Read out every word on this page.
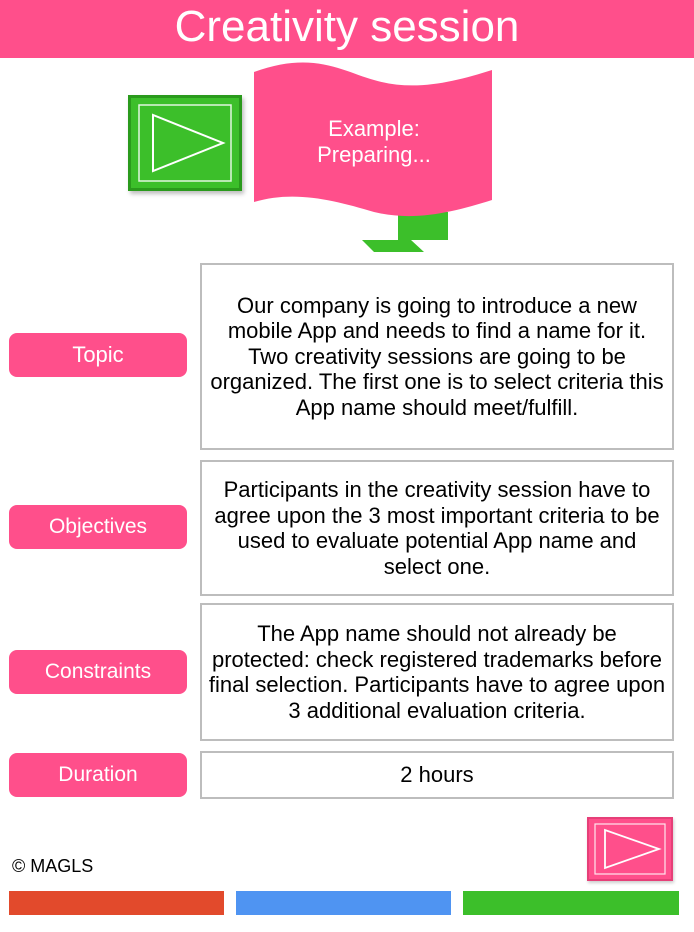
Creativity session
Example:
Preparing...
Topic
Our company is going to introduce a new mobile App and needs to find a name for it. Two creativity sessions are going to be organized. The first one is to select criteria this App name should meet/fulfill.
Objectives
Participants in the creativity session have to agree upon the 3 most important criteria to be used to evaluate potential App name and select one.
Constraints
The App name should not already be protected: check registered trademarks before final selection. Participants have to agree upon 3 additional evaluation criteria.
Duration	2 hours
© MAGLS
